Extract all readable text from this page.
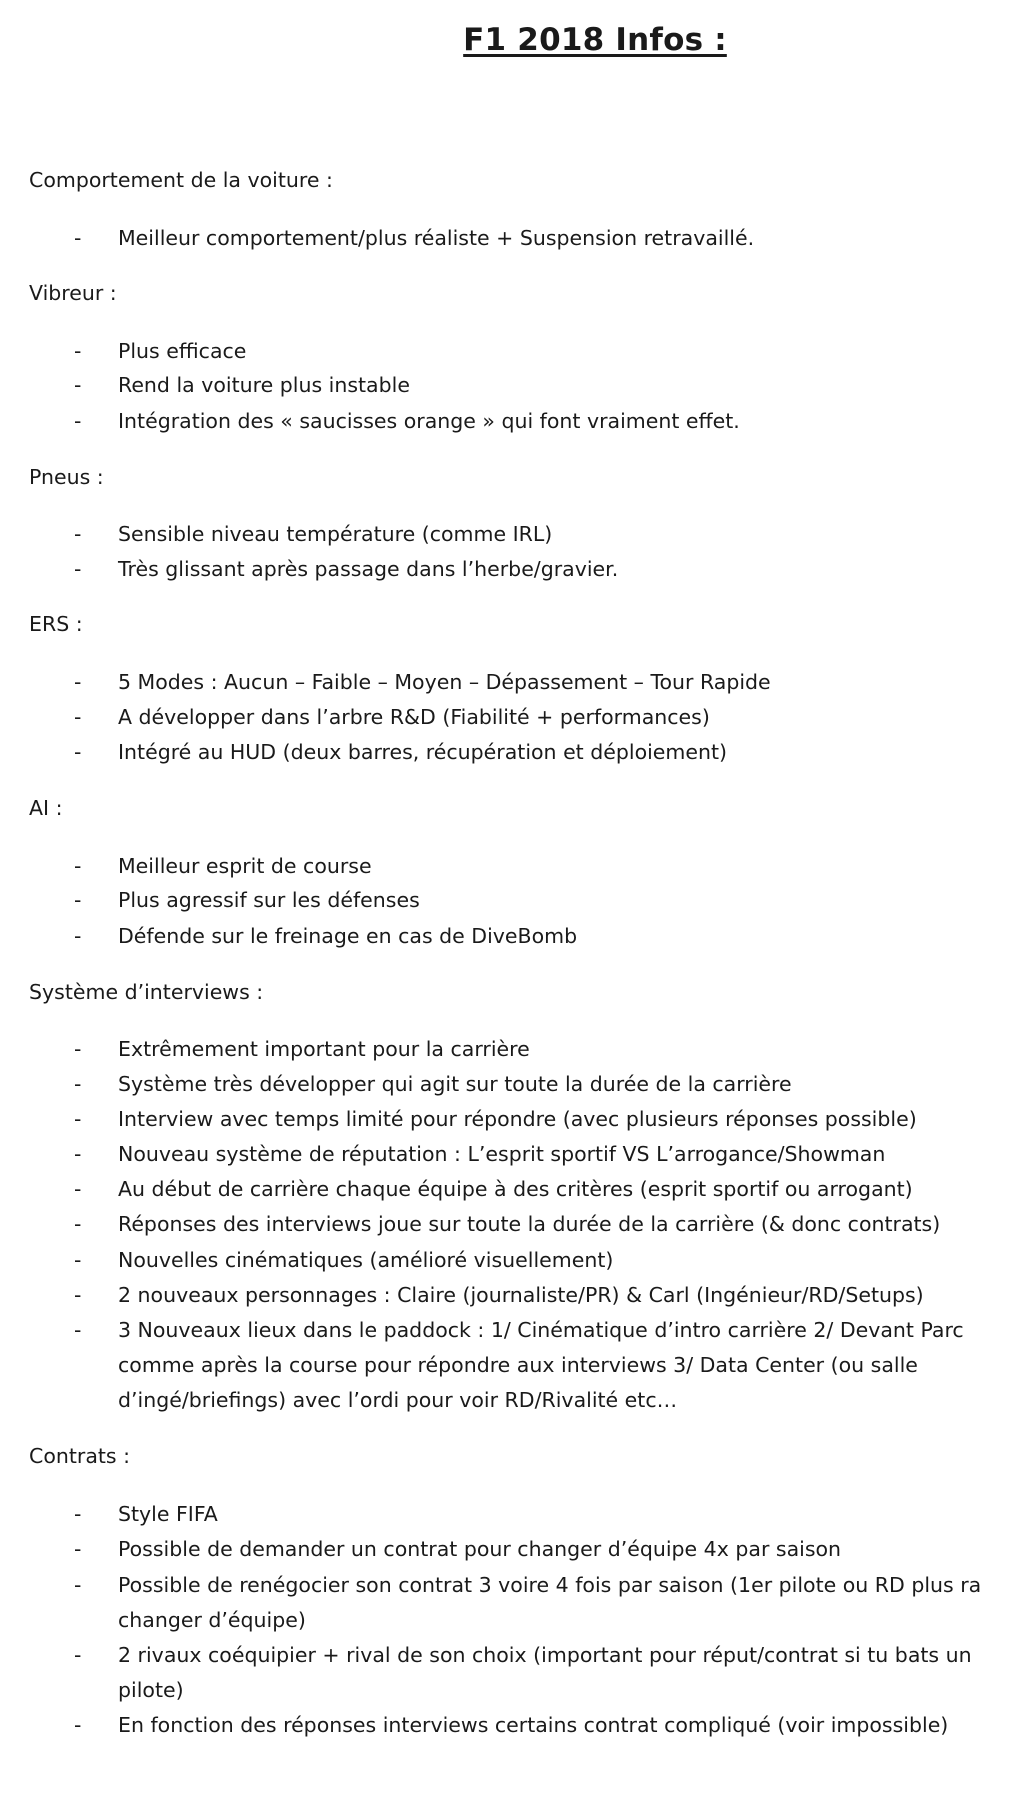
F1 2018 Infos :
Comportement de la voiture :
- Meilleur comportement/plus réaliste + Suspension retravaillé.
Vibreur :
- Plus efficace
- Rend la voiture plus instable
- Intégration des « saucisses orange » qui font vraiment effet.
Pneus :
- Sensible niveau température (comme IRL)
- Très glissant après passage dans l’herbe/gravier.
ERS :
- 5 Modes : Aucun – Faible – Moyen – Dépassement – Tour Rapide
- A développer dans l’arbre R&D (Fiabilité + performances)
- Intégré au HUD (deux barres, récupération et déploiement)
AI :
- Meilleur esprit de course
- Plus agressif sur les défenses
- Défende sur le freinage en cas de DiveBomb
Système d’interviews :
- Extrêmement important pour la carrière
- Système très développer qui agit sur toute la durée de la carrière
- Interview avec temps limité pour répondre (avec plusieurs réponses possible)
- Nouveau système de réputation : L’esprit sportif VS L’arrogance/Showman
- Au début de carrière chaque équipe à des critères (esprit sportif ou arrogant)
- Réponses des interviews joue sur toute la durée de la carrière (& donc contrats)
- Nouvelles cinématiques (amélioré visuellement)
- 2 nouveaux personnages : Claire (journaliste/PR) & Carl (Ingénieur/RD/Setups)
- 3 Nouveaux lieux dans le paddock : 1/ Cinématique d’intro carrière 2/ Devant Parc
comme après la course pour répondre aux interviews 3/ Data Center (ou salle
d’ingé/briefings) avec l’ordi pour voir RD/Rivalité etc…
Contrats :
- Style FIFA
- Possible de demander un contrat pour changer d’équipe 4x par saison
- Possible de renégocier son contrat 3 voire 4 fois par saison (1er pilote ou RD plus ra
changer d’équipe)
- 2 rivaux coéquipier + rival de son choix (important pour réput/contrat si tu bats un
pilote)
- En fonction des réponses interviews certains contrat compliqué (voir impossible)
